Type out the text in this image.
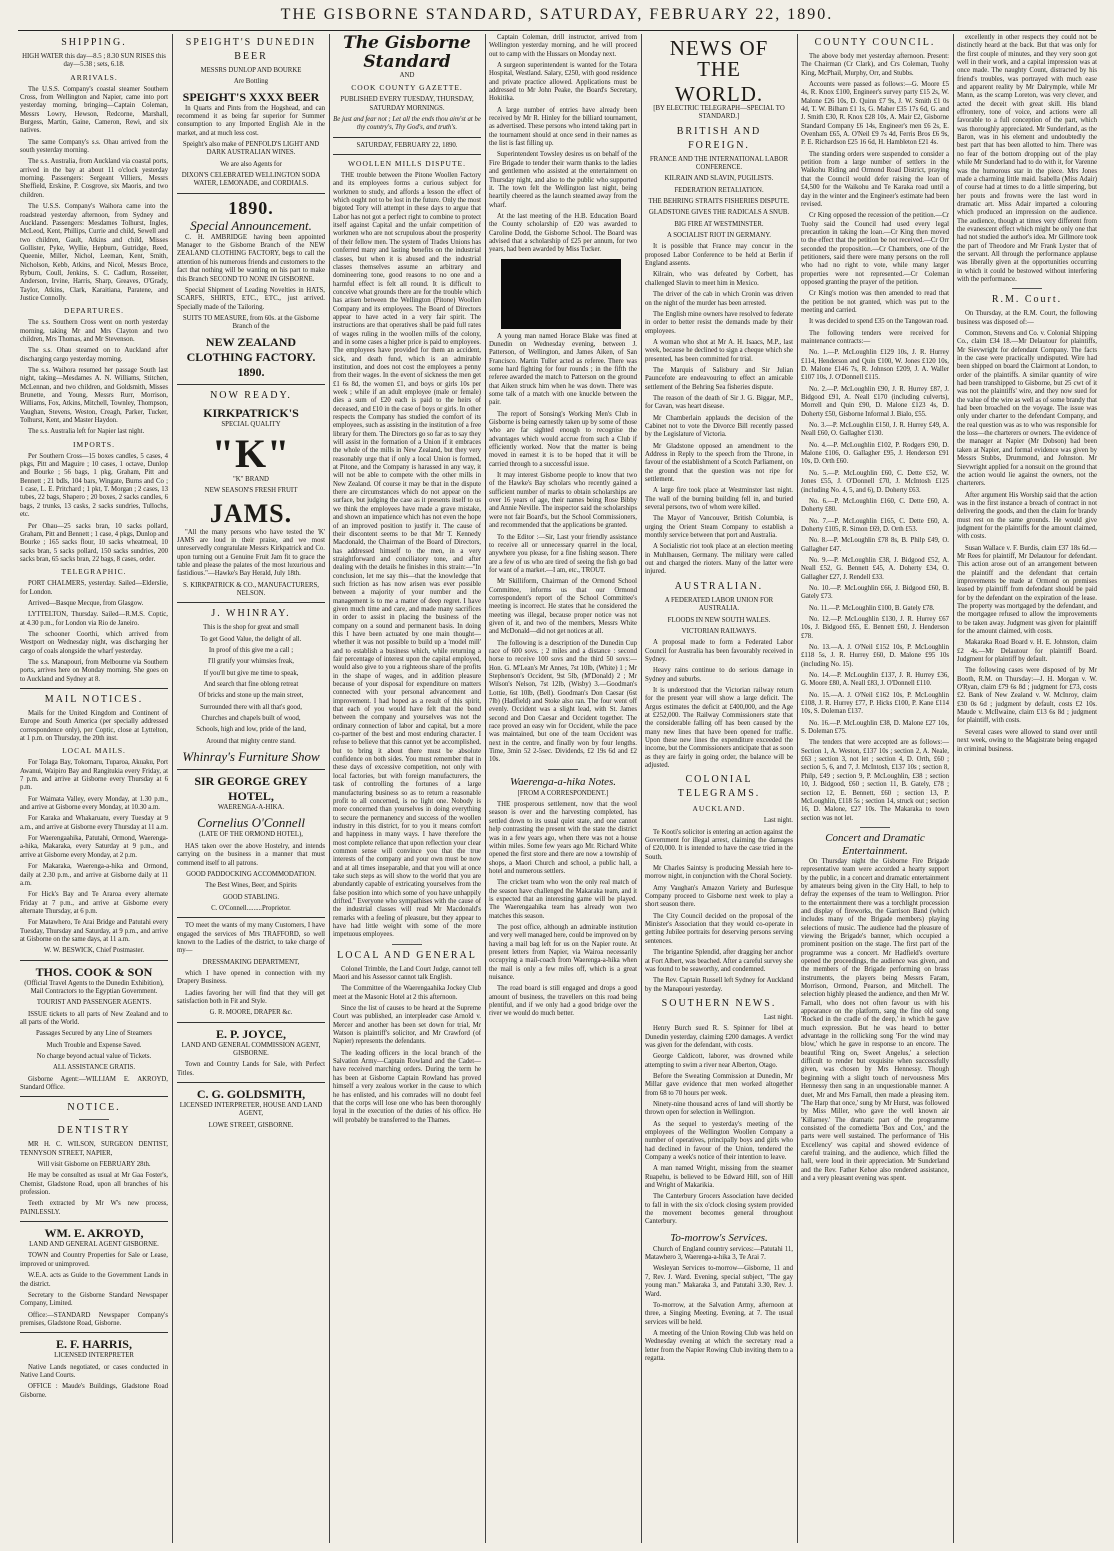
THE GISBORNE STANDARD, SATURDAY, FEBRUARY 22, 1890.
SHIPPING.

HIGH WATER this day—8.5 ; 8.30 SUN RISES this day—5.38 ; sets, 6.18.

ARRIVALS.

The U.S.S. Company's coastal steamer Southern Cross, from Wellington and Napier, came into port yesterday morning, bringing—Captain Coleman, Messrs Lowry, Hewson, Redcorne, Marshall, Burgess, Martin, Gaine, Cameron, Rewi, and six natives.

The same Company's s.s. Ohau arrived from the south yesterday morning.

The s.s. Australia, from Auckland via coastal ports, arrived in the bay at about 11 o'clock yesterday morning. Passengers: Sergeant Villiers, Messrs Sheffield, Erskine, P. Cosgrove, six Maoris, and two children.

The U.S.S. Company's Waihora came into the roadstead yesterday afternoon, from Sydney and Auckland. Passengers: Mesdames Tolhurst, Ingles, McLeod, Kent, Phillips, Currie and child, Sewell and two children, Gault, Atkins and child, Misses Gollister, Pyke, Wyllie, Hepburn, Gutridge, Reed, Queenie, Miller, Nichol, Leeman, Kent, Smith, Nicholson, Kebb, Atkins, and Nicol, Messrs Broce, Ryburn, Coull, Jenkins, S. C. Cadlum, Rosseiter, Anderson, Irvine, Harris, Sharp, Greaves, O'Grady, Taylor, Atkins, Clark, Karaitiana, Paratene, and Justice Connolly.

DEPARTURES.

The s.s. Southern Cross went on north yesterday morning, taking Mr and Mrs Clayton and two children, Mrs Thomas, and Mr Stevenson.

The s.s. Ohau steamed on to Auckland after discharging cargo yesterday morning.

The s.s. Waihora resumed her passage South last night, taking—Mesdames A. N. Williams, Stitchen, McLennan, and two children, and Goldsmith, Misses Brunette, and Young, Messrs Rurr, Morrison, Williams, Fox, Atkins, Mitchell, Townley, Thompson, Vaughan, Stevens, Weston, Creagh, Parker, Tucker, Tolhurst, Kent, and Master Haydon.

The s.s. Australia left for Napier last night.

IMPORTS.

Per Southern Cross—15 boxes candles, 5 cases, 4 pkgs, Pitt and Maguire ; 10 cases, 1 octave, Dunlop and Bourke ; 56 bags, 1 pkg, Graham, Pitt and Bennett ; 21 bdls, 104 bars, Wingate, Burns and Co ; 1 case, L. E. Pritchard ; 1 pkt, T. Morgan ; 2 cases, 13 tubes, 22 bags, Shapero ; 20 boxes, 2 sacks candles, 6 bags, 2 trunks, 13 casks, 2 sacks sundries, Tullochs, etc.

Per Ohau—25 sacks bran, 10 sacks pollard, Graham, Pitt and Bennett ; 1 case, 4 pkgs, Dunlop and Bourke ; 165 sacks flour, 10 sacks wheatmeal, 10 sacks bran, 5 sacks pollard, 150 sacks sundries, 200 sacks bran, 65 sacks bran, 22 bags, 8 cases, order.

TELEGRAPHIC.

PORT CHALMERS, yesterday. Sailed—Elderslie, for London.

Arrived—Basque Mecque, from Glasgow.

LYTTELTON, Thursday. Sailed—R.M.S. Coptic, at 4.30 p.m., for London via Rio de Janeiro.

The schooner Coorthi, which arrived from Westport on Wednesday night, was discharging her cargo of coals alongside the wharf yesterday.

The s.s. Manapouri, from Melbourne via Southern ports, arrives here on Monday morning. She goes on to Auckland and Sydney at 8.

MAIL NOTICES.

Mails for the United Kingdom and Continent of Europe and South America (per specially addressed correspondence only), per Coptic, close at Lyttelton, at 1 p.m. on Thursday, the 20th inst.

LOCAL MAILS.

For Tolaga Bay, Tokomaru, Tuparoa, Akuaku, Port Awanui, Waipiro Bay and Rangitukia every Friday, at 7 p.m. and arrive at Gisborne every Thursday at 6 p.m.

For Waimata Valley, every Monday, at 1.30 p.m., and arrive at Gisborne every Monday, at 10.30 a.m.

For Karaka and Whakaruatu, every Tuesday at 9 a.m., and arrive at Gisborne every Thursday at 11 a.m.

For Waerengaahika, Patutahi, Ormond, Waerenga-a-hika, Makaraka, every Saturday at 9 p.m., and arrive at Gisborne every Monday, at 2 p.m.

For Makaraka, Waerenga-a-hika and Ormond, daily at 2.30 p.m., and arrive at Gisborne daily at 11 a.m.

For Hick's Bay and Te Araroa every alternate Friday at 7 p.m., and arrive at Gisborne every alternate Thursday, at 6 p.m.

For Matawhero, Te Arai Bridge and Patutahi every Tuesday, Thursday and Saturday, at 9 p.m., and arrive at Gisborne on the same days, at 11 a.m.

W. W. BESWICK, Chief Postmaster.

THOS. COOK & SON

(Official Travel Agents to the Dunedin Exhibition), Mail Contractors to the Egyptian Government.

TOURIST AND PASSENGER AGENTS.

ISSUE tickets to all parts of New Zealand and to all parts of the World.

Passages Secured by any Line of Steamers

Much Trouble and Expense Saved.

No charge beyond actual value of Tickets.

ALL ASSISTANCE GRATIS.

Gisborne Agent:—WILLIAM E. AKROYD, Standard Office.

NOTICE.
DENTISTRY

MR H. C. WILSON, SURGEON DENTIST, TENNYSON STREET, NAPIER,

Will visit Gisborne on FEBRUARY 28th.

He may be consulted as usual at Mr Gaa Foster's, Chemist, Gladstone Road, upon all branches of his profession.

Teeth extracted by Mr W's new process, PAINLESSLY.

WM. E. AKROYD,

LAND AND GENERAL AGENT GISBORNE.

TOWN and Country Properties for Sale or Lease, improved or unimproved.

W.E.A. acts as Guide to the Government Lands in the district.

Secretary to the Gisborne Standard Newspaper Company, Limited.

Office:—STANDARD Newspaper Company's premises, Gladstone Road, Gisborne.

E. F. HARRIS,

LICENSED INTERPRETER

Native Lands negotiated, or cases conducted in Native Land Courts.

OFFICE : Maude's Buildings, Gladstone Road Gisborne.

SPEIGHT'S DUNEDIN BEER

MESSRS DUNLOP AND BOURKE

Are Bottling

SPEIGHT'S XXXX BEER

In Quarts and Pints from the Hogshead, and can recommend it as being far superior for Summer consumption to any Imported English Ale in the market, and at much less cost.

Speight's also make of PENFOLD'S LIGHT AND DARK AUSTRALIAN WINES.

We are also Agents for

DIXON'S CELEBRATED WELLINGTON SODA WATER, LEMONADE, and CORDIALS.

1890.
Special Announcement.

C. H. AMBRIDGE having been appointed Manager to the Gisborne Branch of the NEW ZEALAND CLOTHING FACTORY, begs to call the attention of his numerous friends and customers to the fact that nothing will be wanting on his part to make this Branch SECOND TO NONE IN GISBORNE.

Special Shipment of Leading Novelties in HATS, SCARFS, SHIRTS, ETC., ETC., just arrived. Specially made of the Tailoring.

SUITS TO MEASURE, from 60s. at the Gisborne Branch of the

NEW ZEALAND CLOTHING FACTORY.
1890.
NOW READY.
KIRKPATRICK'S

SPECIAL QUALITY

"K"

"K" BRAND

NEW SEASON'S FRESH FRUIT

JAMS.

"All the many persons who have tested the 'K' JAMS are loud in their praise, and we most unreservedly congratulate Messrs Kirkpatrick and Co. upon turning out a Genuine Fruit Jam fit to grace the table and please the palates of the most luxurious and fastidious."—Hawke's Bay Herald, July 18th.

S. KIRKPATRICK & CO., MANUFACTURERS, NELSON.

J. WHINRAY.

This is the shop for great and small

To get Good Value, the delight of all.

In proof of this give me a call ;

I'll gratify your whimsies freak,

If you'll but give me time to speak,

And search that fine oblong retreat

Of bricks and stone up the main street,

Surrounded there with all that's good,

Churches and chapels built of wood,

Schools, high and low, pride of the land,

Around that mighty centre stand.

Whinray's Furniture Show
SIR GEORGE GREY HOTEL,

WAERENGA-A-HIKA.

Cornelius O'Connell

(LATE OF THE ORMOND HOTEL),

HAS taken over the above Hostelry, and intends carrying on the business in a manner that must commend itself to all patrons.

GOOD PADDOCKING ACCOMMODATION.

The Best Wines, Beer, and Spirits

GOOD STABLING.

C. O'Connell.........Proprietor.

TO meet the wants of my many Customers, I have engaged the services of Mrs TRAFFORD, so well known to the Ladies of the district, to take charge of my—

DRESSMAKING DEPARTMENT,

which I have opened in connection with my Drapery Business.

Ladies favoring her will find that they will get satisfaction both in Fit and Style.

G. R. MOORE, DRAPER &c.

E. P. JOYCE,

LAND AND GENERAL COMMISSION AGENT, GISBORNE.

Town and Country Lands for Sale, with Perfect Titles.

C. G. GOLDSMITH,

LICENSED INTERPRETER, HOUSE AND LAND AGENT,

LOWE STREET, GISBORNE.

The Gisborne Standard

AND

COOK COUNTY GAZETTE.

PUBLISHED EVERY TUESDAY, THURSDAY, SATURDAY MORNINGS.

Be just and fear not ; Let all the ends thou aim'st at be thy country's, Thy God's, and truth's.

SATURDAY, FEBRUARY 22, 1890.

WOOLLEN MILLS DISPUTE.

THE trouble between the Pitone Woollen Factory and its employees forms a curious subject for workmen to study, and affords a lesson the effect of which ought not to be lost in the future. Only the most bigoted Tory will attempt in these days to argue that Labor has not got a perfect right to combine to protect itself against Capital and the unfair competition of workmen who are not scrupulous about the prosperity of their fellow men. The system of Trades Unions has conferred many and lasting benefits on the industrial classes, but when it is abused and the industrial classes themselves assume an arbitrary and domineering tone, good reasons to no one and a harmful effect is felt all round. It is difficult to conceive what grounds there are for the trouble which has arisen between the Wellington (Pitone) Woollen Company and its employees. The Board of Directors appear to have acted in a very fair spirit. The instructions are that operatives shall be paid full rates of wages ruling in the woollen mills of the colony, and in some cases a higher price is paid to employees. The employees have provided for them an accident, sick, and death fund, which is an admirable institution, and does not cost the employees a penny from their wages. In the event of sickness the men get £1 6s 8d, the women £1, and boys or girls 10s per week ; while if an adult employee (male or female) dies a sum of £20 each is paid to the heirs of deceased, and £10 in the case of boys or girls. In other respects the Company has studied the comfort of its employees, such as assisting in the institution of a free library for them. The Directors go so far as to say they will assist in the formation of a Union if it embraces the whole of the mills in New Zealand, but they very reasonably urge that if only a local Union is formed, at Pitone, and the Company is harassed in any way, it will not be able to compete with the other mills in New Zealand. Of course it may be that in the dispute there are circumstances which do not appear on the surface, but judging the case as it presents itself to us we think the employees have made a grave mistake, and shown an impatience which has not even the hope of an improved position to justify it. The cause of their discontent seems to be that Mr T. Kennedy Macdonald, the Chairman of the Board of Directors, has addressed himself to the men, in a very straightforward and conciliatory tone, and after dealing with the details he finishes in this strain:—"In conclusion, let me say this—that the knowledge that such friction as has now arisen was ever possible between a majority of your number and the management is to me a matter of deep regret. I have given much time and care, and made many sacrifices in order to assist in placing the business of the company on a sound and permanent basis. In doing this I have been actuated by one main thought—whether it was not possible to build up a 'model mill' and to establish a business which, while returning a fair percentage of interest upon the capital employed, would also give to you a righteous share of the profits in the shape of wages, and in addition pleasure because of your disposal for expenditure on matters connected with your personal advancement and improvement. I had hoped as a result of this spirit, that each of you would have felt that the bond between the company and yourselves was not the ordinary connection of labor and capital, but a more co-partner of the best and most enduring character. I refuse to believe that this cannot yet be accomplished, but to bring it about there must be absolute confidence on both sides. You must remember that in these days of excessive competition, not only with local factories, but with foreign manufacturers, the task of controlling the fortunes of a large manufacturing business so as to return a reasonable profit to all concerned, is no light one. Nobody is more concerned than yourselves in doing everything to secure the permanency and success of the woollen industry in this district, for to you it means comfort and happiness in many ways. I have therefore the most complete reliance that upon reflection your clear common sense will convince you that the true interests of the company and your own must be now and at all times inseparable, and that you will at once take such steps as will show to the world that you are abundantly capable of extricating yourselves from the false position into which some of you have unhappily drifted." Everyone who sympathises with the cause of the industrial classes will read Mr Macdonald's remarks with a feeling of pleasure, but they appear to have had little weight with some of the more impetuous employees.

LOCAL AND GENERAL

Colonel Trimble, the Land Court Judge, cannot tell Maori and his Assessor cannot talk English.

The Committee of the Waerengaahika Jockey Club meet at the Masonic Hotel at 2 this afternoon.

Since the list of causes to be heard at the Supreme Court was published, an interpleader case Arnold v. Mercer and another has been set down for trial, Mr Watson is plaintiff's solicitor, and Mr Crawford (of Napier) represents the defendants.

The leading officers in the local branch of the Salvation Army—Captain Rowland and the Cadet—have received marching orders. During the term he has been at Gisborne Captain Rowland has proved himself a very zealous worker in the cause to which he has enlisted, and his comrades will no doubt feel that the corps will lose one who has been thoroughly loyal in the execution of the duties of his office. He will probably be transferred to the Thames.

Captain Coleman, drill instructor, arrived from Wellington yesterday morning, and he will proceed out to camp with the Hussars on Monday next.

A surgeon superintendent is wanted for the Totara Hospital, Westland. Salary, £250, with good residence and private practice allowed. Applications must be addressed to Mr John Peake, the Board's Secretary, Hokitika.

A large number of entries have already been received by Mr R. Hinley for the billiard tournament, as advertised. These persons who intend taking part in the tournament should at once send in their names as the list is fast filling up.

Superintendent Towsley desires us on behalf of the Fire Brigade to tender their warm thanks to the ladies and gentlemen who assisted at the entertainment on Thursday night, and also to the public who supported it. The town felt the Wellington last night, being heartily cheered as the launch steamed away from the wharf.

At the last meeting of the H.B. Education Board the County scholarship of £20 was awarded to Caroline Dodd, the Gisborne School. The Board was advised that a scholarship of £25 per annum, for two years, had been awarded by Miss Tucker.

A young man named Horace Blake was fined at Dunedin on Wednesday evening, between J. Patterson, of Wellington, and James Aiken, of San Francisco. Martin Tuller acted as referee. There was some hard fighting for four rounds ; in the fifth the referee awarded the match to Patterson on the ground that Aiken struck him when he was down. There was some talk of a match with one knuckle between the pair.

The report of Sonsing's Working Men's Club in Gisborne is being earnestly taken up by some of those who are far sighted enough to recognise the advantages which would accrue from such a Club if efficiently worked. Now that the matter is being moved in earnest it is to be hoped that it will be carried through to a successful issue.

It may interest Gisborne people to know that two of the Hawke's Bay scholars who recently gained a sufficient number of marks to obtain scholarships are over 16 years of age, their names being Rose Bibby and Annie Neville. The inspector said the scholarships were not fair Board's, but the School Commissioners, and recommended that the applications be granted.

To the Editor :—Sir, Last your friendly assistance to receive all or unnecessary quarrel in the local, anywhere you please, for a fine fishing season. There are a few of us who are tired of seeing the fish go bad for want of a market.—I am, etc., TROUT.

Mr Skilliform, Chairman of the Ormond School Committee, informs us that our Ormond correspondent's report of the School Committee's meeting is incorrect. He states that he considered the meeting was illegal, because proper notice was not given of it, and two of the members, Messrs White and McDonald—did not get notices at all.

The following is a description of the Dunedin Cup race of 600 sovs. ; 2 miles and a distance : second horse to receive 100 sovs and the third 50 sovs:—Hon. G. M'Lean's Mr Annes, 7st 10lb, (White) 1 ; Mr Stephenson's Occident, 9st 5lb, (M'Donald) 2 ; Mr Wilson's Nelson, 7st 12lb, (Wisby) 3.—Goodman's Lottie, 6st 10lb, (Bell). Goodman's Don Caesar (6st 7lb) (Hadfield) and Stoke also ran. The four went off evenly. Occident was a slight lead, with St. James second and Don Caesar and Occident together. The race proved an easy win for Occident, while the pace was maintained, but one of the team Occident was next in the centre, and finally won by four lengths. Time, 3min 52 2-5sec. Dividends, £2 19s 6d and £2 10s.

Waerenga-a-hika Notes.

[FROM A CORRESPONDENT.]

THE prosperous settlement, now that the wool season is over and the harvesting completed, has settled down to its usual quiet state, and one cannot help contrasting the present with the state the district was in a few years ago, when there was not a house within miles. Some few years ago Mr. Richard White opened the first store and there are now a township of shops, a Maori Church and school, a public hall, a hotel and numerous settlers.

The cricket team who won the only real match of the season have challenged the Makaraka team, and it is expected that an interesting game will be played. The Waerengaahika team has already won two matches this season.

The post office, although an admirable institution and very well managed here, could be improved on by having a mail bag left for us on the Napier route. At present letters from Napier, via Wairoa necessarily occupying a mail-coach from Waerenga-a-hika when the mail is only a few miles off, which is a great nuisance.

The road board is still engaged and drops a good amount of business, the travellers on this road being plentiful, and if we only had a good bridge over the river we would do much better.

NEWS OF THE
WORLD.

[BY ELECTRIC TELEGRAPH—SPECIAL TO STANDARD.]

BRITISH AND FOREIGN.

FRANCE AND THE INTERNATIONAL LABOR CONFERENCE.

KILRAIN AND SLAVIN, PUGILISTS.

FEDERATION RETALIATION.

THE BEHRING STRAITS FISHERIES DISPUTE.

GLADSTONE GIVES THE RADICALS A SNUB.

BIG FIRE AT WESTMINSTER.

A SOCIALIST RIOT IN GERMANY.

It is possible that France may concur in the proposed Labor Conference to be held at Berlin if England assents.

Kilrain, who was defeated by Corbett, has challenged Slavin to meet him in Mexico.

The driver of the cab in which Cronin was driven on the night of the murder has been arrested.

The English mine owners have resolved to federate in order to better resist the demands made by their employees.

A woman who shot at Mr A. H. Isaacs, M.P., last week, because he declined to sign a cheque which she presented, has been committed for trial.

The Marquis of Salisbury and Sir Julian Pauncefote are endeavouring to effect an amicable settlement of the Behring Sea fisheries dispute.

The reason of the death of Sir J. G. Biggar, M.P., for Cavan, was heart disease.

Mr Chamberlain applauds the decision of the Cabinet not to vote the Divorce Bill recently passed by the Legislature of Victoria.

Mr Gladstone opposed an amendment to the Address in Reply to the speech from the Throne, in favour of the establishment of a Scotch Parliament, on the ground that the question was not ripe for settlement.

A large fire took place at Westminster last night. The wall of the burning building fell in, and buried several persons, two of whom were killed.

The Mayor of Vancouver, British Columbia, is urging the Orient Steam Company to establish a monthly service between that port and Australia.

A Socialistic riot took place at an election meeting in Muhlhausen, Germany. The military were called out and charged the rioters. Many of the latter were injured.

AUSTRALIAN.

A FEDERATED LABOR UNION FOR AUSTRALIA.

FLOODS IN NEW SOUTH WALES.

VICTORIAN RAILWAYS.

A proposal made to form a Federated Labor Council for Australia has been favourably received in Sydney.

Heavy rains continue to do serious damage in Sydney and suburbs.

It is understood that the Victorian railway return for the present year will show a large deficit. The Argus estimates the deficit at £400,000, and the Age at £252,000. The Railway Commissioners state that the considerable falling off has been caused by the many new lines that have been opened for traffic. Upon these new lines the expenditure exceeded the income, but the Commissioners anticipate that as soon as they are fairly in going order, the balance will be adjusted.

COLONIAL TELEGRAMS.
AUCKLAND.

Last night.

Te Kooti's solicitor is entering an action against the Government for illegal arrest, claiming the damages of £20,000. It is intended to have the case tried in the South.

Mr Charles Saintsy is producing Messiah here to-morrow night, in conjunction with the Choral Society.

Amy Vaughan's Amazon Variety and Burlesque Company proceed to Gisborne next week to play a short season there.

The City Council decided on the proposal of the Minister's Association that they would co-operate in getting Jubilee portraits for deserving persons serving sentences.

The brigantine Splendid, after dragging her anchor at Fort Albert, was beached. After a careful survey she was found to be seaworthy, and condemned.

The Rev. Captain Russell left Sydney for Auckland by the Manapouri yesterday.

SOUTHERN NEWS.

Last night.

Henry Burch sued R. S. Spinner for libel at Dunedin yesterday, claiming £200 damages. A verdict was given for the defendant, with costs.

George Caldicott, laborer, was drowned while attempting to swim a river near Alberton, Otago.

Before the Sweating Commission at Dunedin, Mr Millar gave evidence that men worked altogether from 68 to 70 hours per week.

Ninety-nine thousand acres of land will shortly be thrown open for selection in Wellington.

As the sequel to yesterday's meeting of the employees of the Wellington Woollen Company a number of operatives, principally boys and girls who had declined in favour of the Union, tendered the Company a week's notice of their intention to leave.

A man named Wright, missing from the steamer Ruapehu, is believed to be Edward Hill, son of Hill and Wright of Makarikia.

The Canterbury Grocers Association have decided to fall in with the six o'clock closing system provided the movement becomes general throughout Canterbury.

To-morrow's Services.

Church of England country services:—Patutahi 11, Matawhero 3, Waerenga-a-hika 3, Te Arai 7.

Wesleyan Services to-morrow—Gisborne, 11 and 7, Rev. J. Ward. Evening, special subject, "The gay young man." Makaraka 3, and Patutahi 3.30, Rev. J. Ward.

To-morrow, at the Salvation Army, afternoon at three, a Singing Meeting. Evening, at 7. The usual services will be held.

A meeting of the Union Rowing Club was held on Wednesday evening at which the secretary read a letter from the Napier Rowing Club inviting them to a regatta.

COUNTY COUNCIL.

The above body met yesterday afternoon. Present: The Chairman (Cr Clark), and Crs Coleman, Tuohy King, McPhail, Murphy, Orr, and Stubbs.

Accounts were passed as follows:—G. Moore £5 4s, R. Knox £100, Engineer's survey party £15 2s, W. Malone £26 10s, D. Quinn £7 9s, J. W. Smith £1 0s 4d, T. W. Bilham £1 1s, G. Maher £35 17s 6d, G. and J. Smith £30, R. Knox £28 10s, A. Mair £2, Gisborne Standard Company £6 14s, Engineer's men £6 2s, E. Ovenham £65, A. O'Neil £9 7s 4d, Ferris Bros £6 9s, P. E. Richardson £25 16 6d, H. Hambleton £21 4s.

The standing orders were suspended to consider a petition from a large number of settlers in the Waikohu Riding and Ormond Road District, praying that the Council would defer raising the loan of £4,500 for the Waikohu and Te Karaka road until a day in the winter and the Engineer's estimate had been revised.

Cr King opposed the recession of the petition.—Cr Tuohy said the Council had used every legal precaution in taking the loan.—Cr King then moved to the effect that the petition be not received.—Cr Orr seconded the proposition.—Cr Chambers, one of the petitioners, said there were many persons on the roll who had no right to vote, while many larger properties were not represented.—Cr Coleman opposed granting the prayer of the petition.

Cr King's motion was then amended to read that the petition be not granted, which was put to the meeting and carried.

It was decided to spend £35 on the Tangowan road.

The following tenders were received for maintenance contracts:—

No. 1.—P. McLoughlin £129 10s, J. R. Hurrey £114, Henderson and Quin £100, W. Jones £120 10s, D. Malone £146 7s, R. Johnson £209, J. A. Waller £107 10s, J. O'Donnell £115.

No. 2.—P. McLoughlin £90, J. R. Hurrey £87, J. Bidgood £91, A. Neall £170 (including culverts), Morrell and Quin £90, D. Malone £123 4s, D. Doherty £50, Gisborne Informal J. Bialo, £55.

No. 3.—P. McLoughlin £150, J. R. Hurrey £49, A. Neall £60, O. Gallagher £130.

No. 4.—P. McLoughlin £102, P. Rodgers £90, D. Malone £106, O. Gallagher £95, J. Henderson £91 10s, D. Orth £60.

No. 5.—P. McLoughlin £60, C. Dette £52, W. Jones £55, J. O'Donnell £70, J. McIntosh £125 (including No. 4, 5, and 6), D. Doherty £63.

No. 6.—P. McLoughlin £160, C. Dette £60, A. Doherty £80.

No. 7.—P. McLoughlin £165, C. Dette £60, A. Doherty £105, R. Simon £69, D. Orth £53.

No. 8.—P. McLoughlin £78 8s, B. Philp £49, O. Gallagher £47.

No. 9.—P. McLoughlin £38, J. Bidgood £52, A. Neall £52, G. Bennett £45, A. Doherty £34, O. Gallagher £27, J. Rendell £33.

No. 10.—P. McLoughlin £66, J. Bidgood £60, B. Gately £73.

No. 11.—P. McLoughlin £100, B. Gately £78.

No. 12.—P. McLoughlin £130, J. R. Hurrey £67 10s, J. Bidgood £65, E. Bennett £60, J. Henderson £78.

No. 13.—A. J. O'Neil £152 10s, P. McLoughlin £118 5s, J. R. Hurrey £60, D. Malone £95 10s (including No. 15).

No. 14.—P. McLoughlin £137, J. R. Hurrey £36, G. Moore £80, A. Neall £83, J. O'Donnell £110.

No. 15.—A. J. O'Neil £162 10s, P. McLoughlin £108, J. R. Hurrey £77, P. Hicks £100, P. Kane £114 10s, S. Doleman £137.

No. 16.—P. McLoughlin £38, D. Malone £27 10s, S. Doleman £75.

The tenders that were accepted are as follows:—Section 1, A. Weston, £137 10s ; section 2, A. Neale, £63 ; section 3, not let ; section 4, D. Orth, £60 ; section 5, 6, and 7, J. McIntosh, £137 10s ; section 8, Philp, £49 ; section 9, P. McLoughlin, £38 ; section 10, J. Bidgood, £60 ; section 11, B. Gately, £78 ; section 12, E. Bennett, £60 ; section 13, P. McLoughlin, £118 5s ; section 14, struck out ; section 16, D. Malone, £27 10s. The Makaraka to town section was not let.

Concert and Dramatic Entertainment.

On Thursday night the Gisborne Fire Brigade representative team were accorded a hearty support by the public, in a concert and dramatic entertainment by amateurs being given in the City Hall, to help to defray the expenses of the team to Wellington. Prior to the entertainment there was a torchlight procession and display of fireworks, the Garrison Band (which includes many of the Brigade members) playing selections of music. The audience had the pleasure of viewing the Brigade's banner, which occupied a prominent position on the stage. The first part of the programme was a concert. Mr Hadfield's overture opened the proceedings, the audience was given, and the members of the Brigade performing on brass instruments, the players being Messrs Faram, Morrison, Ormond, Pearson, and Mitchell. The selection highly pleased the audience, and then Mr W. Farnall, who does not often favour us with his appearance on the platform, sang the fine old song 'Rocked in the cradle of the deep,' in which he gave much expression. But he was heard to better advantage in the rollicking song 'For the wind may blow,' which he gave in response to an encore. The beautiful 'Ring on, Sweet Angelus,' a selection difficult to render but exquisite when successfully given, was chosen by Mrs Hennessy. Though beginning with a slight touch of nervousness Mrs Hennessy then sang in an unquestionable manner. A duet, Mr and Mrs Farnall, then made a pleasing item. 'The Harp that once,' sung by Mr Hurst, was followed by Miss Miller, who gave the well known air 'Killarney.' The dramatic part of the programme consisted of the comedietta 'Box and Cox,' and the parts were well sustained. The performance of 'His Excellency' was capital and showed evidence of careful training, and the audience, which filled the hall, were loud in their appreciation. Mr Sunderland and the Rev. Father Kehoe also rendered assistance, and a very pleasant evening was spent.

excellently in other respects they could not be distinctly heard at the back. But that was only for the first couple of minutes, and they very soon got well in their work, and a capital impression was at once made. The naughty Count, distracted by his friend's troubles, was portrayed with much ease and apparent reality by Mr Dalrymple, while Mr Mann, as the scamp Loreton, was very clever, and acted the deceit with great skill. His bland effrontery, tone of voice, and actions were all favorable to a full conception of the part, which was thoroughly appreciated. Mr Sunderland, as the Baron, was in his element and undoubtedly the best part that has been allotted to him. There was no fear of the bottom dropping out of the play while Mr Sunderland had to do with it, for Varenne was the humorous star in the piece. Mrs Jones made a charming little maid. Isabella (Miss Adair) of course had at times to do a little simpering, but her pouts and frowns were the last word in dramatic art. Miss Adair imparted a colouring which produced an impression on the audience. The audience, though at times very different from the evanescent effect which might be only one that had not studied the author's idea. Mr Gillmore took the part of Theodore and Mr Frank Lyster that of the servant. All through the performance applause was liberally given at the opportunities occurring in which it could be bestowed without interfering with the performance.

R.M. Court.

On Thursday, at the R.M. Court, the following business was disposed of:—

Common, Stevens and Co. v. Colonial Shipping Co., claim £34 18.—Mr Delautour for plaintiffs, Mr Sievwright for defendant Company. The facts in the case were practically undisputed. Wire had been shipped on board the Clairmont at London, to order of the plaintiffs. A similar quantity of wire had been transhipped to Gisborne, but 25 cwt of it was not the plaintiffs' wire, and they now sued for the value of the wire as well as of some brandy that had been broached on the voyage. The issue was only under charter to the defendant Company, and the real question was as to who was responsible for the loss—the charterers or owners. The evidence of the manager at Napier (Mr Dobson) had been taken at Napier, and formal evidence was given by Messrs Stubbs, Drummond, and Johnston. Mr Sievwright applied for a nonsuit on the ground that the action would lie against the owners, not the charterers.

After argument His Worship said that the action was in the first instance a breach of contract in not delivering the goods, and then the claim for brandy must rest on the same grounds. He would give judgment for the plaintiffs for the amount claimed, with costs.

Susan Wallace v. F. Burdis, claim £37 18s 6d.—Mr Rees for plaintiff, Mr Delautour for defendant. This action arose out of an arrangement between the plaintiff and the defendant that certain improvements be made at Ormond on premises leased by plaintiff from defendant should be paid for by the defendant on the expiration of the lease. The property was mortgaged by the defendant, and the mortgagee refused to allow the improvements to be taken away. Judgment was given for plaintiff for the amount claimed, with costs.

Makaraka Road Board v. H. E. Johnston, claim £2 4s.—Mr Delautour for plaintiff Board. Judgment for plaintiff by default.

The following cases were disposed of by Mr Booth, R.M. on Thursday:—J. H. Morgan v. W. O'Ryan, claim £79 6s 8d ; judgment for £73, costs £2. Bank of New Zealand v. W. McInroy, claim £30 0s 6d ; judgment by default, costs £2 10s. Maude v. McIlwaine, claim £13 6s 8d ; judgment for plaintiff, with costs.

Several cases were allowed to stand over until next week, owing to the Magistrate being engaged in criminal business.
